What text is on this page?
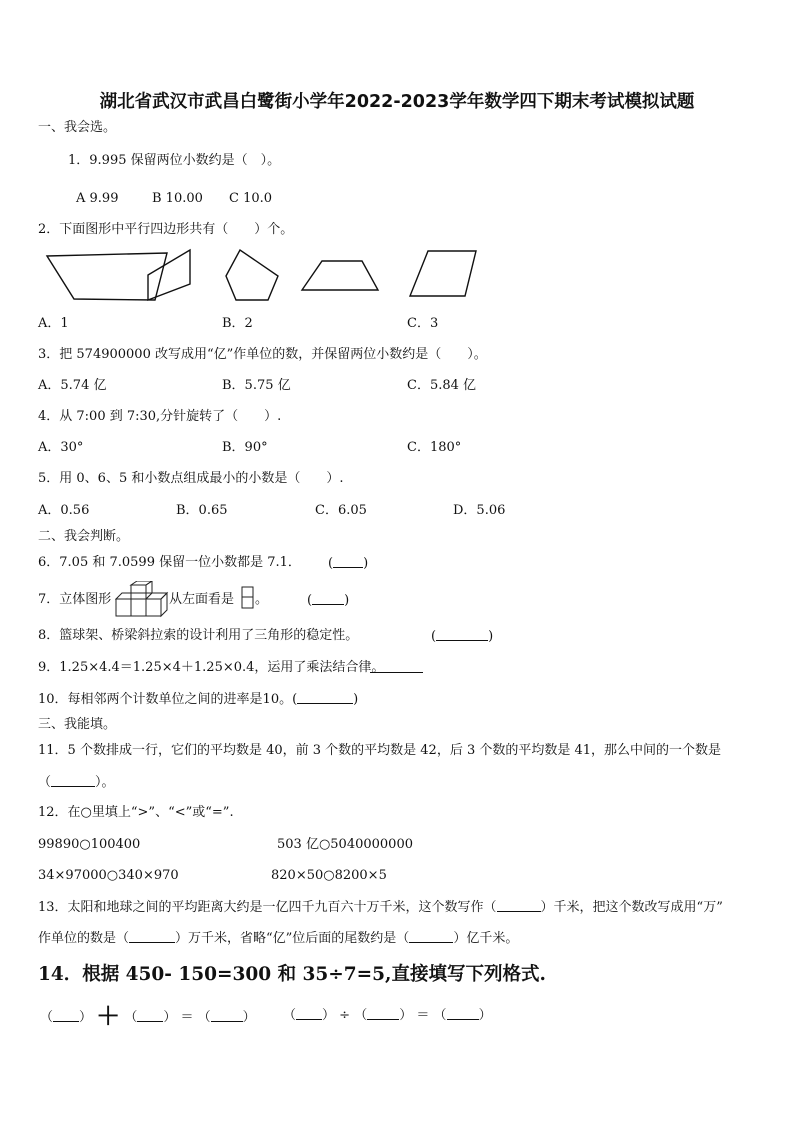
湖北省武汉市武昌白鹭街小学年2022-2023学年数学四下期末考试模拟试题
一、我会选。
1．9.995 保留两位小数约是（　）。
A 9.99	B 10.00 C 10.0
2．下面图形中平行四边形共有（　　）个。
A．1	B．2	C．3
3．把 574900000 改写成用“亿”作单位的数，并保留两位小数约是（　　）。
A．5.74 亿	B．5.75 亿	C．5.84 亿
4．从 7:00 到 7:30,分针旋转了（　　）.
A．30°	B．90°	C．180°
5．用 0、6、5 和小数点组成最小的小数是（　　）.
A．0.56	B．0.65	C．6.05	D．5.06
二、我会判断。
6．7.05 和 7.0599 保留一位小数都是 7.1． ( )
7．立体图形	从左面看是 。	( )
8．篮球架、桥梁斜拉索的设计利用了三角形的稳定性。	(	)
9．1.25×4.4＝1.25×4＋1.25×0.4，运用了乘法结合律。
10．每相邻两个计数单位之间的进率是10。(	)
三、我能填。
11．5 个数排成一行，它们的平均数是 40，前 3 个数的平均数是 42，后 3 个数的平均数是 41，那么中间的一个数是
（	）。
12．在○里填上“>”、“<”或“=”.
99890○100400	503 亿○5040000000
34×97000○340×970	820×50○8200×5
13．太阳和地球之间的平均距离大约是一亿四千九百六十万千米，这个数写作（	）千米，把这个数改写成用“万”
作单位的数是（	）万千米，省略“亿”位后面的尾数约是（	）亿千米。
14．根据 450- 150=300 和 35÷7=5,直接填写下列格式.
（ ） ＋ （ ） ＝ （ ） （ ） ÷ （ ） ＝ （ ）
